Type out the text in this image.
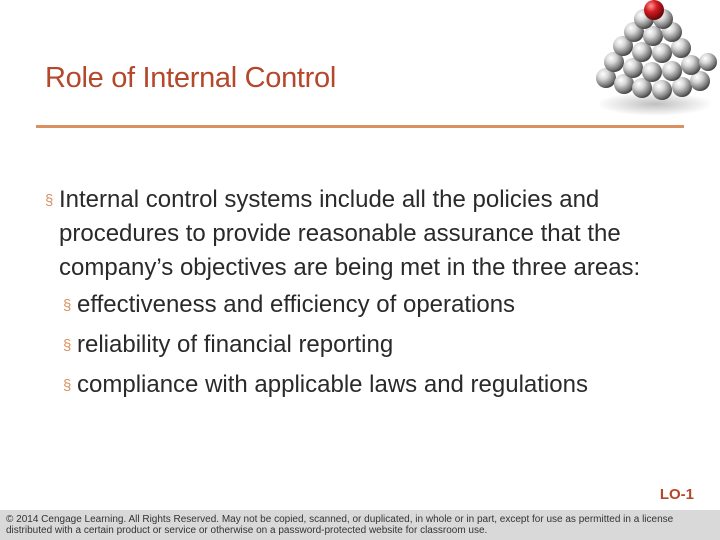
Role of Internal Control
§ Internal control systems include all the policies and procedures to provide reasonable assurance that the company’s objectives are being met in the three areas:
§ effectiveness and efficiency of operations
§ reliability of financial reporting
§ compliance with applicable laws and regulations
LO-1
© 2014 Cengage Learning. All Rights Reserved. May not be copied, scanned, or duplicated, in whole or in part, except for use as permitted in a license distributed with a certain product or service or otherwise on a password-protected website for classroom use.
